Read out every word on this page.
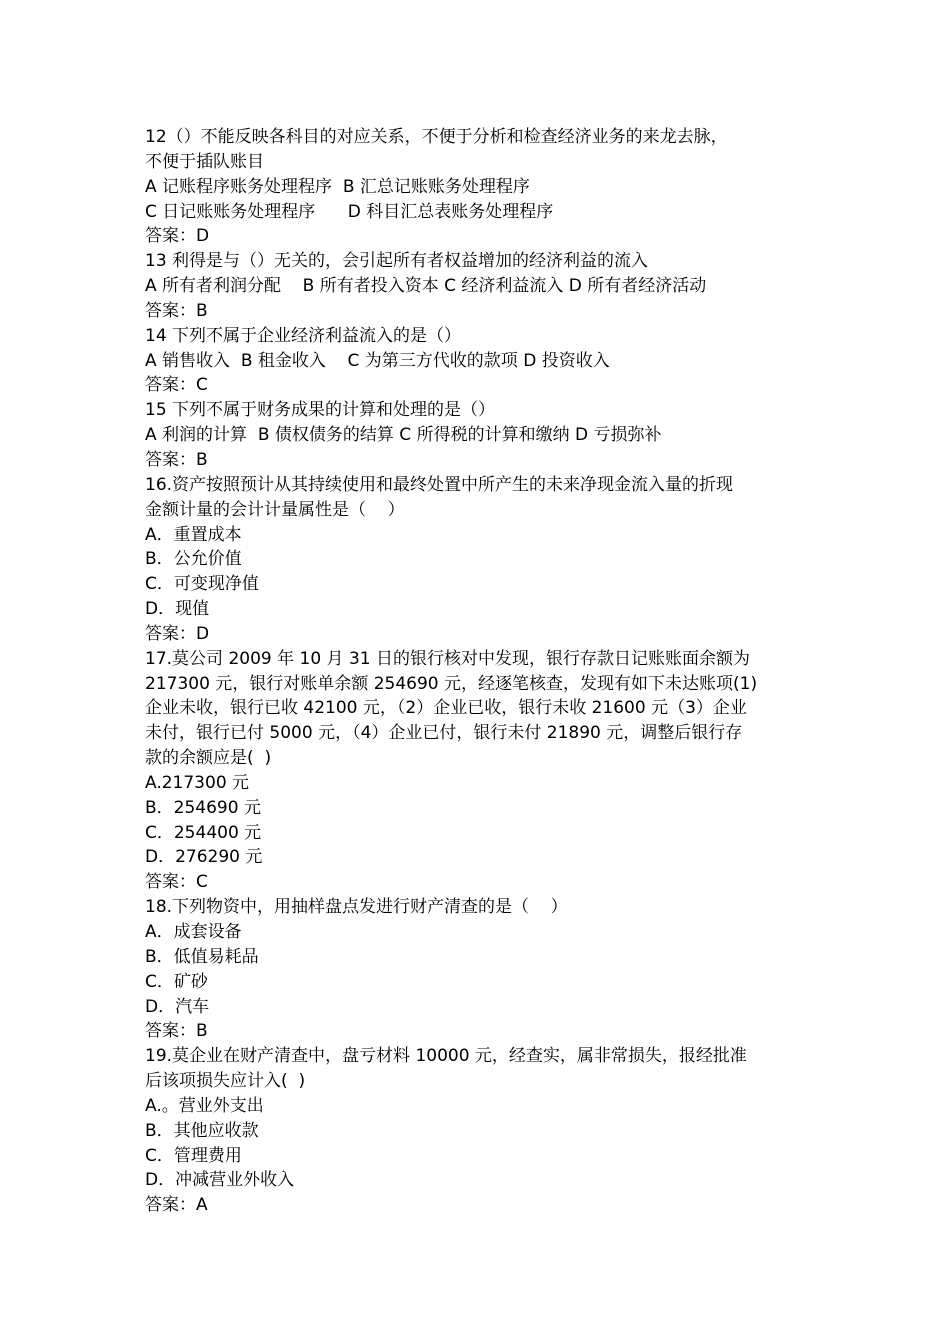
12（）不能反映各科目的对应关系，不便于分析和检查经济业务的来龙去脉，
不便于插队账目
A 记账程序账务处理程序  B 汇总记账账务处理程序
C 日记账账务处理程序      D 科目汇总表账务处理程序
答案：D
13 利得是与（）无关的，会引起所有者权益增加的经济利益的流入
A 所有者利润分配    B 所有者投入资本 C 经济利益流入 D 所有者经济活动
答案：B
14 下列不属于企业经济利益流入的是（）
A 销售收入  B 租金收入    C 为第三方代收的款项 D 投资收入
答案：C
15 下列不属于财务成果的计算和处理的是（）
A 利润的计算  B 债权债务的结算 C 所得税的计算和缴纳 D 亏损弥补
答案：B
16.资产按照预计从其持续使用和最终处置中所产生的未来净现金流入量的折现
金额计量的会计计量属性是（    ）
A．重置成本
B．公允价值
C．可变现净值
D．现值
答案：D
17.莫公司 2009 年 10 月 31 日的银行核对中发现，银行存款日记账账面余额为
217300 元，银行对账单余额 254690 元，经逐笔核查，发现有如下未达账项(1)
企业未收，银行已收 42100 元，（2）企业已收，银行未收 21600 元（3）企业
未付，银行已付 5000 元，（4）企业已付，银行未付 21890 元，调整后银行存
款的余额应是(  )
A.217300 元
B．254690 元
C．254400 元
D．276290 元
答案：C
18.下列物资中，用抽样盘点发进行财产清查的是（    ）
A．成套设备
B．低值易耗品
C．矿砂
D．汽车
答案：B
19.莫企业在财产清查中，盘亏材料 10000 元，经查实，属非常损失，报经批准
后该项损失应计入(  )
A.。营业外支出
B．其他应收款
C．管理费用
D．冲减营业外收入
答案：A
